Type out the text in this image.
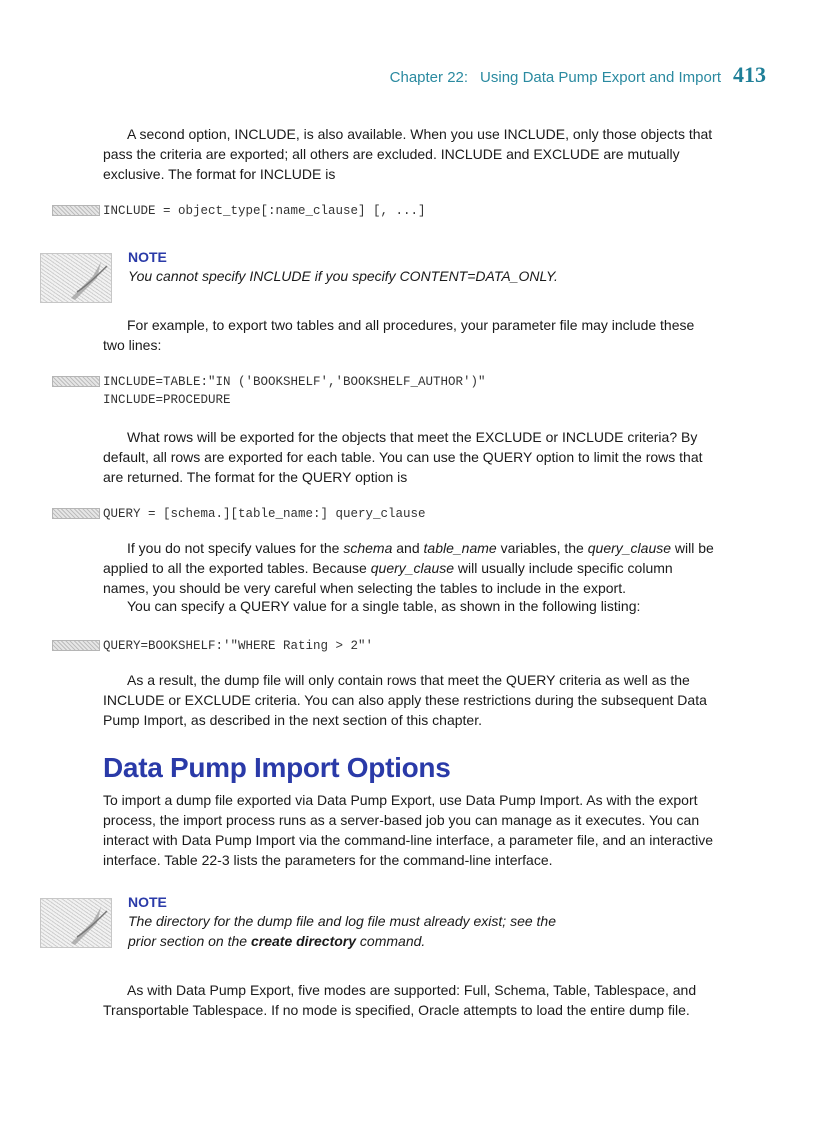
Chapter 22: Using Data Pump Export and Import 413

A second option, INCLUDE, is also available. When you use INCLUDE, only those objects that pass the criteria are exported; all others are excluded. INCLUDE and EXCLUDE are mutually exclusive. The format for INCLUDE is

INCLUDE = object_type[:name_clause] [, ...]
NOTE
You cannot specify INCLUDE if you specify CONTENT=DATA_ONLY.

For example, to export two tables and all procedures, your parameter file may include these two lines:

INCLUDE=TABLE:"IN ('BOOKSHELF','BOOKSHELF_AUTHOR')"
INCLUDE=PROCEDURE

What rows will be exported for the objects that meet the EXCLUDE or INCLUDE criteria? By default, all rows are exported for each table. You can use the QUERY option to limit the rows that are returned. The format for the QUERY option is

QUERY = [schema.][table_name:] query_clause

If you do not specify values for the schema and table_name variables, the query_clause will be applied to all the exported tables. Because query_clause will usually include specific column names, you should be very careful when selecting the tables to include in the export.

You can specify a QUERY value for a single table, as shown in the following listing:

QUERY=BOOKSHELF:'"WHERE Rating > 2"'

As a result, the dump file will only contain rows that meet the QUERY criteria as well as the INCLUDE or EXCLUDE criteria. You can also apply these restrictions during the subsequent Data Pump Import, as described in the next section of this chapter.

Data Pump Import Options

To import a dump file exported via Data Pump Export, use Data Pump Import. As with the export process, the import process runs as a server-based job you can manage as it executes. You can interact with Data Pump Import via the command-line interface, a parameter file, and an interactive interface. Table 22-3 lists the parameters for the command-line interface.

NOTE
The directory for the dump file and log file must already exist; see the
prior section on the create directory command.

As with Data Pump Export, five modes are supported: Full, Schema, Table, Tablespace, and Transportable Tablespace. If no mode is specified, Oracle attempts to load the entire dump file.
